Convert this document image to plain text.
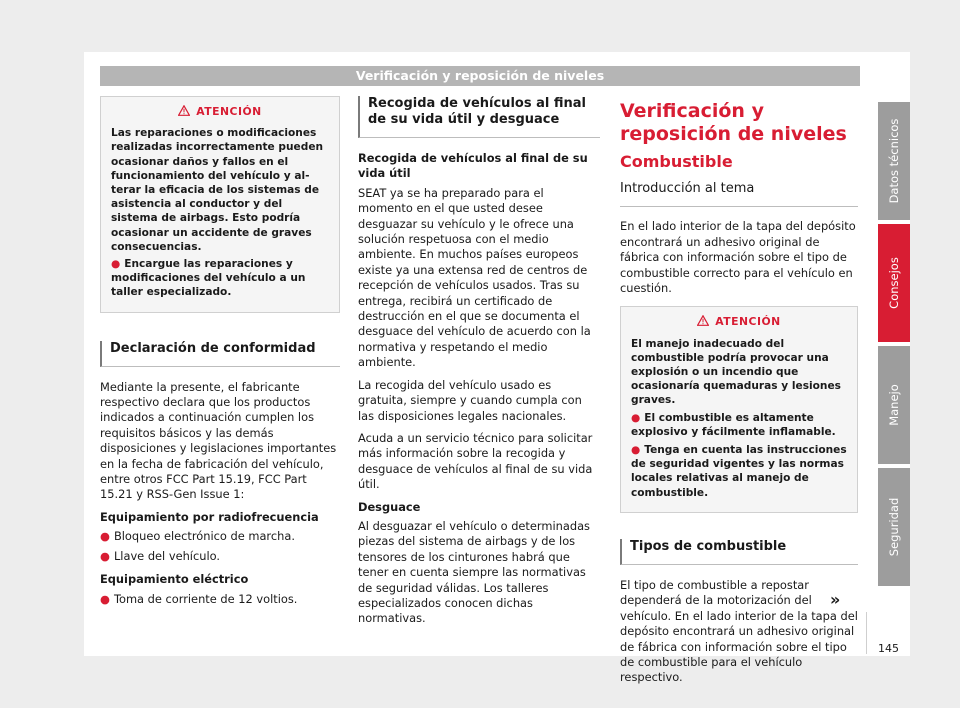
Verificación y reposición de niveles
ATENCIÓN
Las reparaciones o modificaciones realizadas incorrectamente pueden ocasionar daños y fallos en el funcionamiento del vehículo y alterar la eficacia de los sistemas de asistencia al conductor y del sistema de airbags. Esto podría ocasionar un accidente de graves consecuencias.
● Encargue las reparaciones y modificaciones del vehículo a un taller especializado.
Declaración de conformidad

Mediante la presente, el fabricante respectivo declara que los productos indicados a continuación cumplen los requisitos básicos y las demás disposiciones y legislaciones importantes en la fecha de fabricación del vehículo, entre otros FCC Part 15.19, FCC Part 15.21 y RSS-Gen Issue 1:

Equipamiento por radiofrecuencia

● Bloqueo electrónico de marcha.
● Llave del vehículo.

Equipamiento eléctrico

● Toma de corriente de 12 voltios.
Recogida de vehículos al final de su vida útil y desguace

Recogida de vehículos al final de su vida útil

SEAT ya se ha preparado para el momento en el que usted desee desguazar su vehículo y le ofrece una solución respetuosa con el medio ambiente. En muchos países europeos existe ya una extensa red de centros de recepción de vehículos usados. Tras su entrega, recibirá un certificado de destrucción en el que se documenta el desguace del vehículo de acuerdo con la normativa y respetando el medio ambiente.

La recogida del vehículo usado es gratuita, siempre y cuando cumpla con las disposiciones legales nacionales.

Acuda a un servicio técnico para solicitar más información sobre la recogida y desguace de vehículos al final de su vida útil.

Desguace

Al desguazar el vehículo o determinadas piezas del sistema de airbags y de los tensores de los cinturones habrá que tener en cuenta siempre las normativas de seguridad válidas. Los talleres especializados conocen dichas normativas.

Verificación y reposición de niveles
Combustible
Introducción al tema

En el lado interior de la tapa del depósito encontrará un adhesivo original de fábrica con información sobre el tipo de combustible correcto para el vehículo en cuestión.

ATENCIÓN
El manejo inadecuado del combustible podría provocar una explosión o un incendio que ocasionaría quemaduras y lesiones graves.
● El combustible es altamente explosivo y fácilmente inflamable.
● Tenga en cuenta las instrucciones de seguridad vigentes y las normas locales relativas al manejo de combustible.
Tipos de combustible

El tipo de combustible a repostar dependerá de la motorización del vehículo. En el lado interior de la tapa del depósito encontrará un adhesivo original de fábrica con información sobre el tipo de combustible para el vehículo respectivo.

Datos técnicos
Consejos
Manejo
Seguridad
»
145
